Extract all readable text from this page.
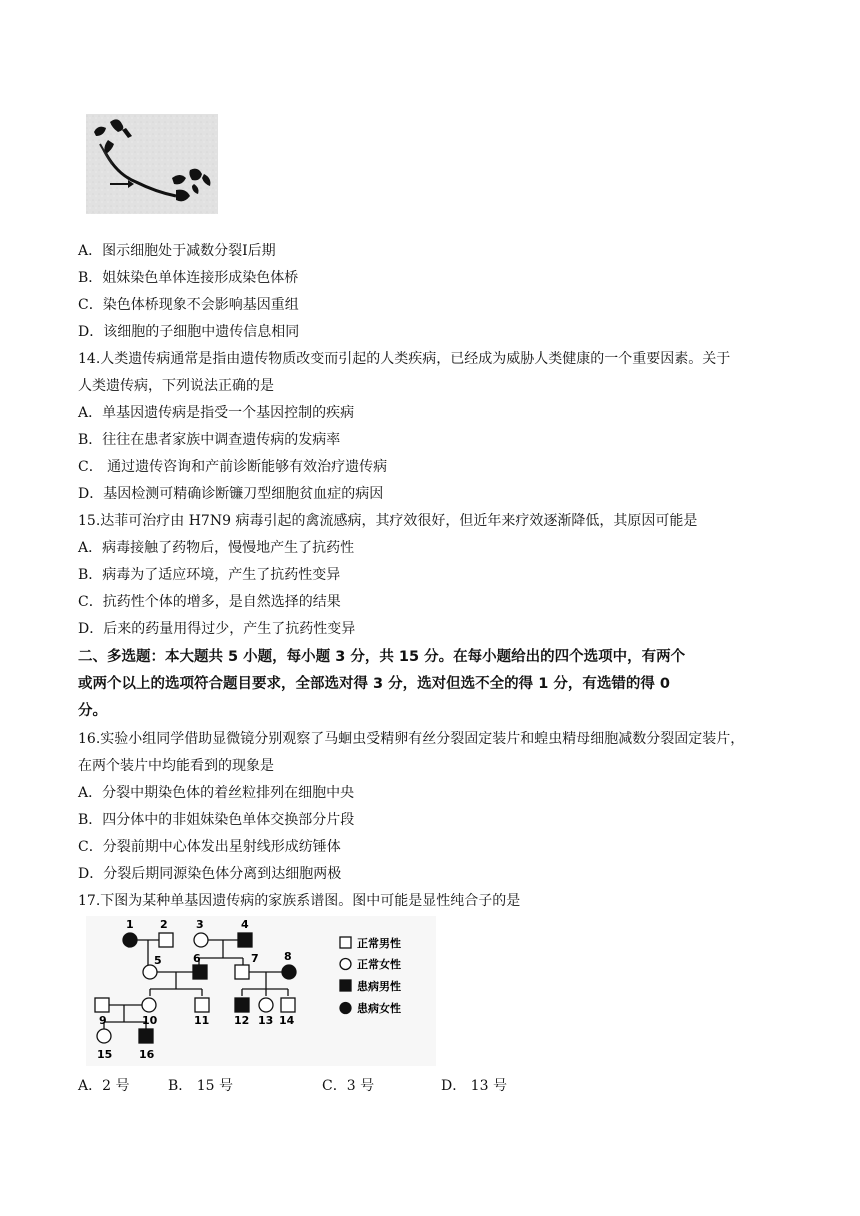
A．图示细胞处于减数分裂Ⅰ后期
B．姐妹染色单体连接形成染色体桥
C．染色体桥现象不会影响基因重组
D．该细胞的子细胞中遗传信息相同
14.人类遗传病通常是指由遗传物质改变而引起的人类疾病，已经成为威胁人类健康的一个重要因素。关于
人类遗传病，下列说法正确的是
A．单基因遗传病是指受一个基因控制的疾病
B．往往在患者家族中调查遗传病的发病率
C． 通过遗传咨询和产前诊断能够有效治疗遗传病
D．基因检测可精确诊断镰刀型细胞贫血症的病因
15.达菲可治疗由 H7N9 病毒引起的禽流感病，其疗效很好，但近年来疗效逐渐降低，其原因可能是
A．病毒接触了药物后，慢慢地产生了抗药性
B．病毒为了适应环境，产生了抗药性变异
C．抗药性个体的增多，是自然选择的结果
D．后来的药量用得过少，产生了抗药性变异
二、多选题：本大题共 5 小题，每小题 3 分，共 15 分。在每小题给出的四个选项中，有两个
或两个以上的选项符合题目要求，全部选对得 3 分，选对但选不全的得 1 分，有选错的得 0
分。
16.实验小组同学借助显微镜分别观察了马蛔虫受精卵有丝分裂固定装片和蝗虫精母细胞减数分裂固定装片，
在两个装片中均能看到的现象是
A．分裂中期染色体的着丝粒排列在细胞中央
B．四分体中的非姐妹染色单体交换部分片段
C．分裂前期中心体发出星射线形成纺锤体
D．分裂后期同源染色体分离到达细胞两极
17.下图为某种单基因遗传病的家族系谱图。图中可能是显性纯合子的是
1 2	3	4
5	6	7 8
9	10	11 12 13 14
15 16
正常男性
正常女性
患病男性
患病女性
A．2 号	B． 15 号	C．3 号	D． 13 号
